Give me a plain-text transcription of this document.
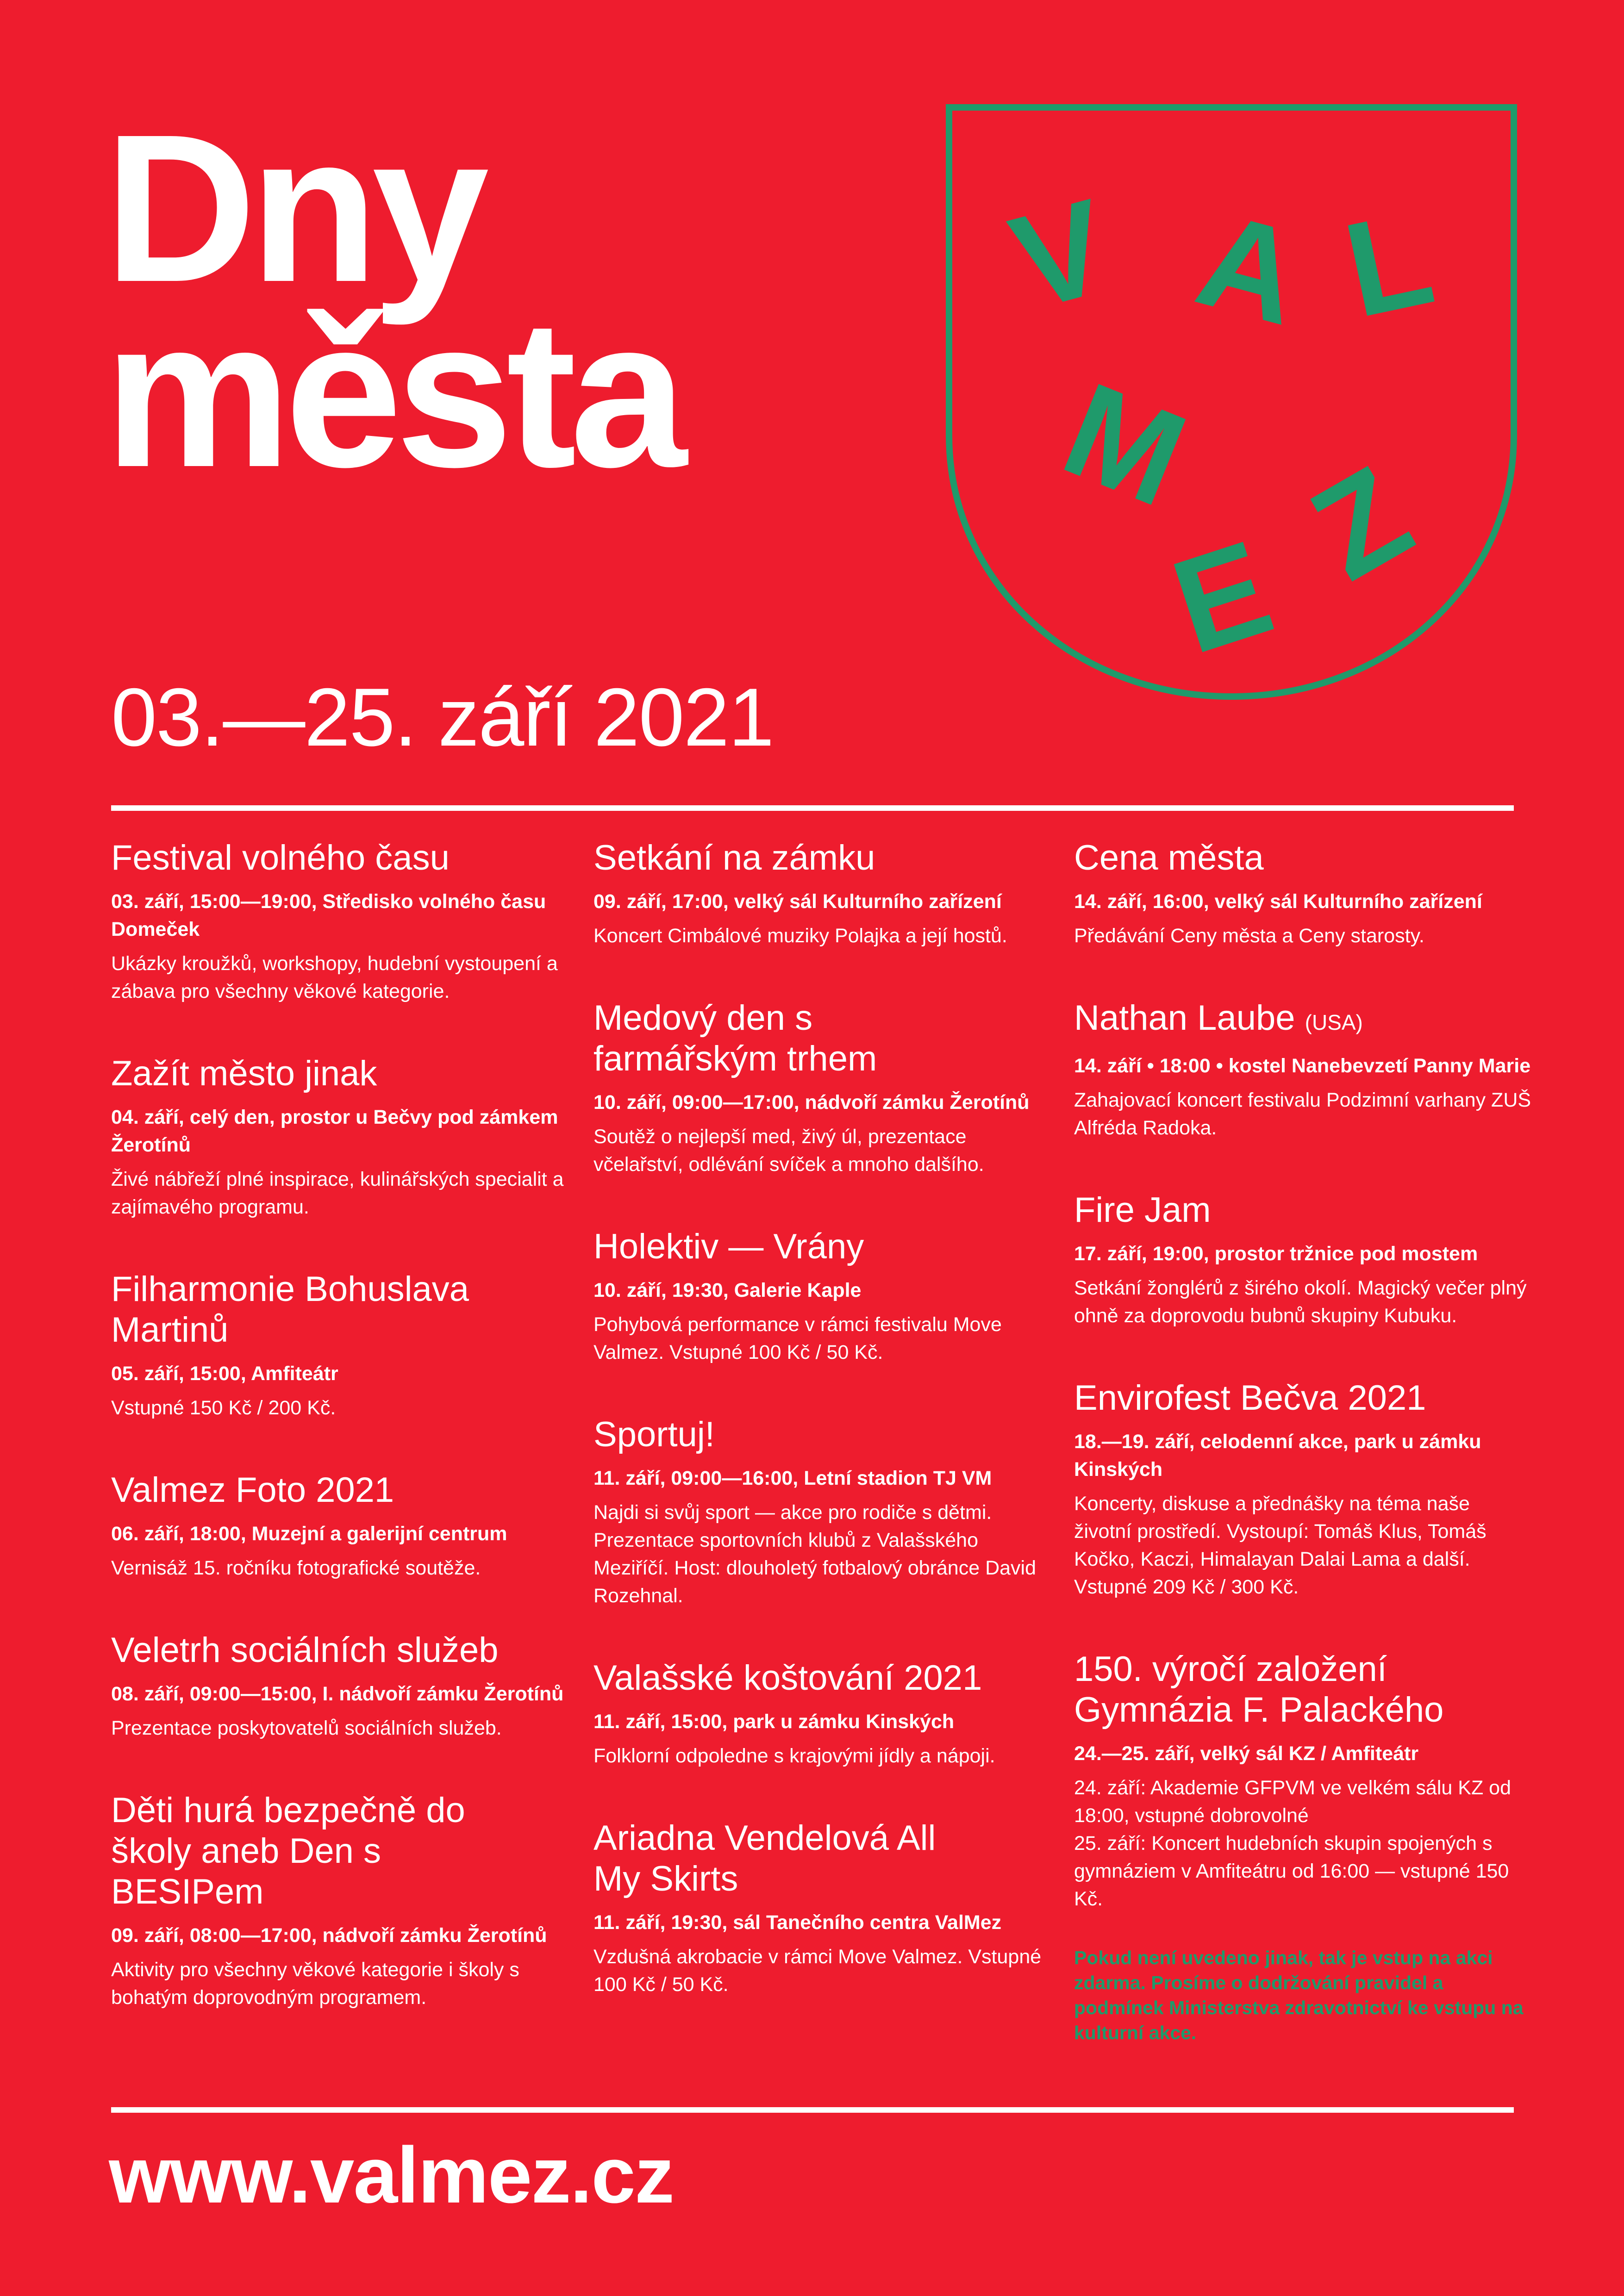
Dny
města
03.—25. září 2021
V A L
M
E Z
Festival volného času
03. září, 15:00—19:00, Středisko volného času Domeček
Ukázky kroužků, workshopy, hudební vystoupení a zábava pro všechny věkové kategorie.
Zažít město jinak
04. září, celý den, prostor u Bečvy pod zámkem Žerotínů
Živé nábřeží plné inspirace, kulinářských specialit a zajímavého programu.
Filharmonie Bohuslava Martinů
05. září, 15:00, Amfiteátr
Vstupné 150 Kč / 200 Kč.
Valmez Foto 2021
06. září, 18:00, Muzejní a galerijní centrum
Vernisáž 15. ročníku fotografické soutěže.
Veletrh sociálních služeb
08. září, 09:00—15:00, I. nádvoří zámku Žerotínů
Prezentace poskytovatelů sociálních služeb.
Děti hurá bezpečně do školy aneb Den s BESIPem
09. září, 08:00—17:00, nádvoří zámku Žerotínů
Aktivity pro všechny věkové kategorie i školy s bohatým doprovodným programem.
Setkání na zámku
09. září, 17:00, velký sál Kulturního zařízení
Koncert Cimbálové muziky Polajka a její hostů.
Medový den s farmářským trhem
10. září, 09:00—17:00, nádvoří zámku Žerotínů
Soutěž o nejlepší med, živý úl, prezentace včelařství, odlévání svíček a mnoho dalšího.
Holektiv — Vrány
10. září, 19:30, Galerie Kaple
Pohybová performance v rámci festivalu Move Valmez. Vstupné 100 Kč / 50 Kč.
Sportuj!
11. září, 09:00—16:00, Letní stadion TJ VM
Najdi si svůj sport — akce pro rodiče s dětmi. Prezentace sportovních klubů z Valašského Meziříčí. Host: dlouholetý fotbalový obránce David Rozehnal.
Valašské koštování 2021
11. září, 15:00, park u zámku Kinských
Folklorní odpoledne s krajovými jídly a nápoji.
Ariadna Vendelová All My Skirts
11. září, 19:30, sál Tanečního centra ValMez
Vzdušná akrobacie v rámci Move Valmez. Vstupné 100 Kč / 50 Kč.
Cena města
14. září, 16:00, velký sál Kulturního zařízení
Předávání Ceny města a Ceny starosty.
Nathan Laube (USA)
14. září • 18:00 • kostel Nanebevzetí Panny Marie
Zahajovací koncert festivalu Podzimní varhany ZUŠ Alfréda Radoka.
Fire Jam
17. září, 19:00, prostor tržnice pod mostem
Setkání žonglérů z širého okolí. Magický večer plný ohně za doprovodu bubnů skupiny Kubuku.
Envirofest Bečva 2021
18.—19. září, celodenní akce, park u zámku Kinských
Koncerty, diskuse a přednášky na téma naše životní prostředí. Vystoupí: Tomáš Klus, Tomáš Kočko, Kaczi, Himalayan Dalai Lama a další. Vstupné 209 Kč / 300 Kč.
150. výročí založení Gymnázia F. Palackého
24.—25. září, velký sál KZ / Amfiteátr
24. září: Akademie GFPVM ve velkém sálu KZ od 18:00, vstupné dobrovolné
25. září: Koncert hudebních skupin spojených s gymnáziem v Amfiteátru od 16:00 — vstupné 150 Kč.
Pokud není uvedeno jinak, tak je vstup na akci zdarma. Prosíme o dodržování pravidel a podmínek Ministerstva zdravotnictví ke vstupu na kulturní akce.
www.valmez.cz
